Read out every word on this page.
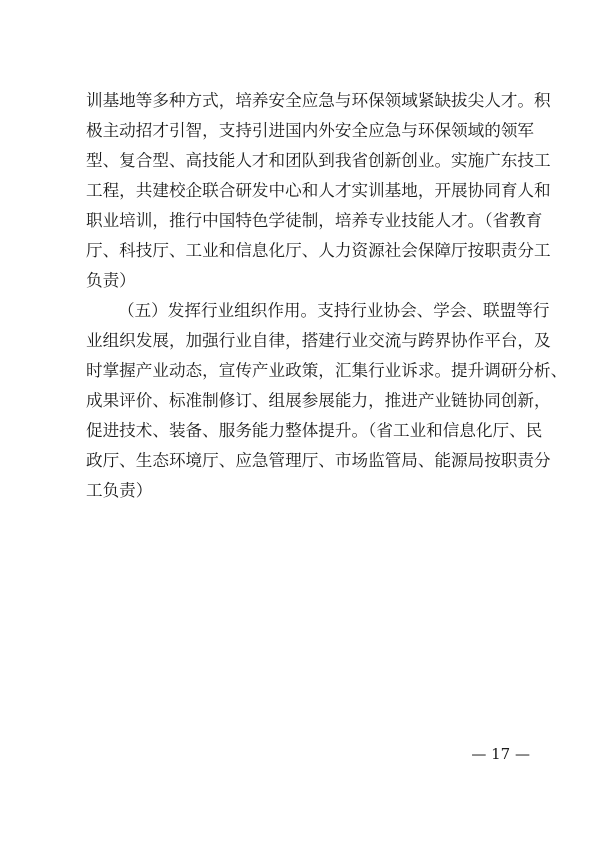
训基地等多种方式，培养安全应急与环保领域紧缺拔尖人才。积
极主动招才引智，支持引进国内外安全应急与环保领域的领军
型、复合型、高技能人才和团队到我省创新创业。实施广东技工
工程，共建校企联合研发中心和人才实训基地，开展协同育人和
职业培训，推行中国特色学徒制，培养专业技能人才。（省教育
厅、科技厅、工业和信息化厅、人力资源社会保障厅按职责分工
负责）
（五）发挥行业组织作用。支持行业协会、学会、联盟等行
业组织发展，加强行业自律，搭建行业交流与跨界协作平台，及
时掌握产业动态，宣传产业政策，汇集行业诉求。提升调研分析、
成果评价、标准制修订、组展参展能力，推进产业链协同创新，
促进技术、装备、服务能力整体提升。（省工业和信息化厅、民
政厅、生态环境厅、应急管理厅、市场监管局、能源局按职责分
工负责）
— 17 —
